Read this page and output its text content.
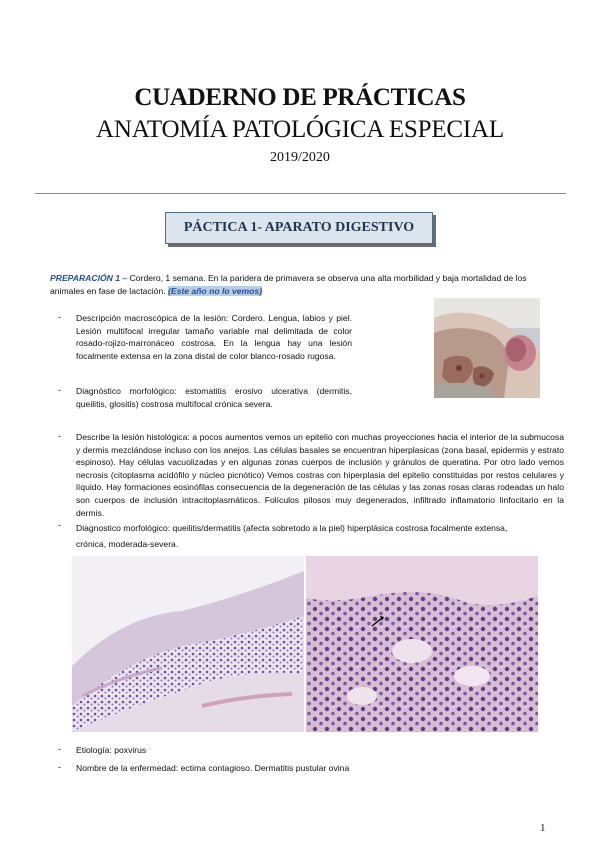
CUADERNO DE PRÁCTICAS
ANATOMÍA PATOLÓGICA ESPECIAL
2019/2020
PÁCTICA 1- APARATO DIGESTIVO
PREPARACIÓN 1 – Cordero, 1 semana. En la paridera de primavera se observa una alta morbilidad y baja mortalidad de los animales en fase de lactación. (Este año no lo vemos)
- Descripción macroscópica de la lesión: Cordero. Lengua, labios y piel. Lesión multifocal irregular tamaño variable mal delimitada de color rosado-rojizo-marronáceo costrosa. En la lengua hay una lesión focalmente extensa en la zona distal de color blanco-rosado rugosa.
- Diagnóstico morfológico: estomatitis erosivo ulcerativa (dermitis, queilitis, glositis) costrosa multifocal crónica severa.
- Describe la lesión histológica: a pocos aumentos vemos un epitelio con muchas proyecciones hacia el interior de la submucosa y dermis mezclándose incluso con los anejos. Las células basales se encuentran hiperplasicas (zona basal, epidermis y estrato espinoso). Hay células vacuolizadas y en algunas zonas cuerpos de inclusión y gránulos de queratina. Por otro lado vemos necrosis (citoplasma acidófilo y núcleo picnótico) Vemos costras con hiperplasia del epitelio constituidas por restos celulares y líquido. Hay formaciones eosinófilas consecuencia de la degeneración de las células y las zonas rosas claras rodeadas un halo son cuerpos de inclusión intracitoplasmáticos. Folículos pilosos muy degenerados, infiltrado inflamatorio linfocitario en la dermis.
- Diagnostico morfológico: queilitis/dermatitis (afecta sobretodo a la piel) hiperplásica costrosa focalmente extensa, crónica, moderada-severa.
- Etiología: poxvirus
- Nombre de la enfermedad: ectima contagioso. Dermatitis pustular ovina
1
